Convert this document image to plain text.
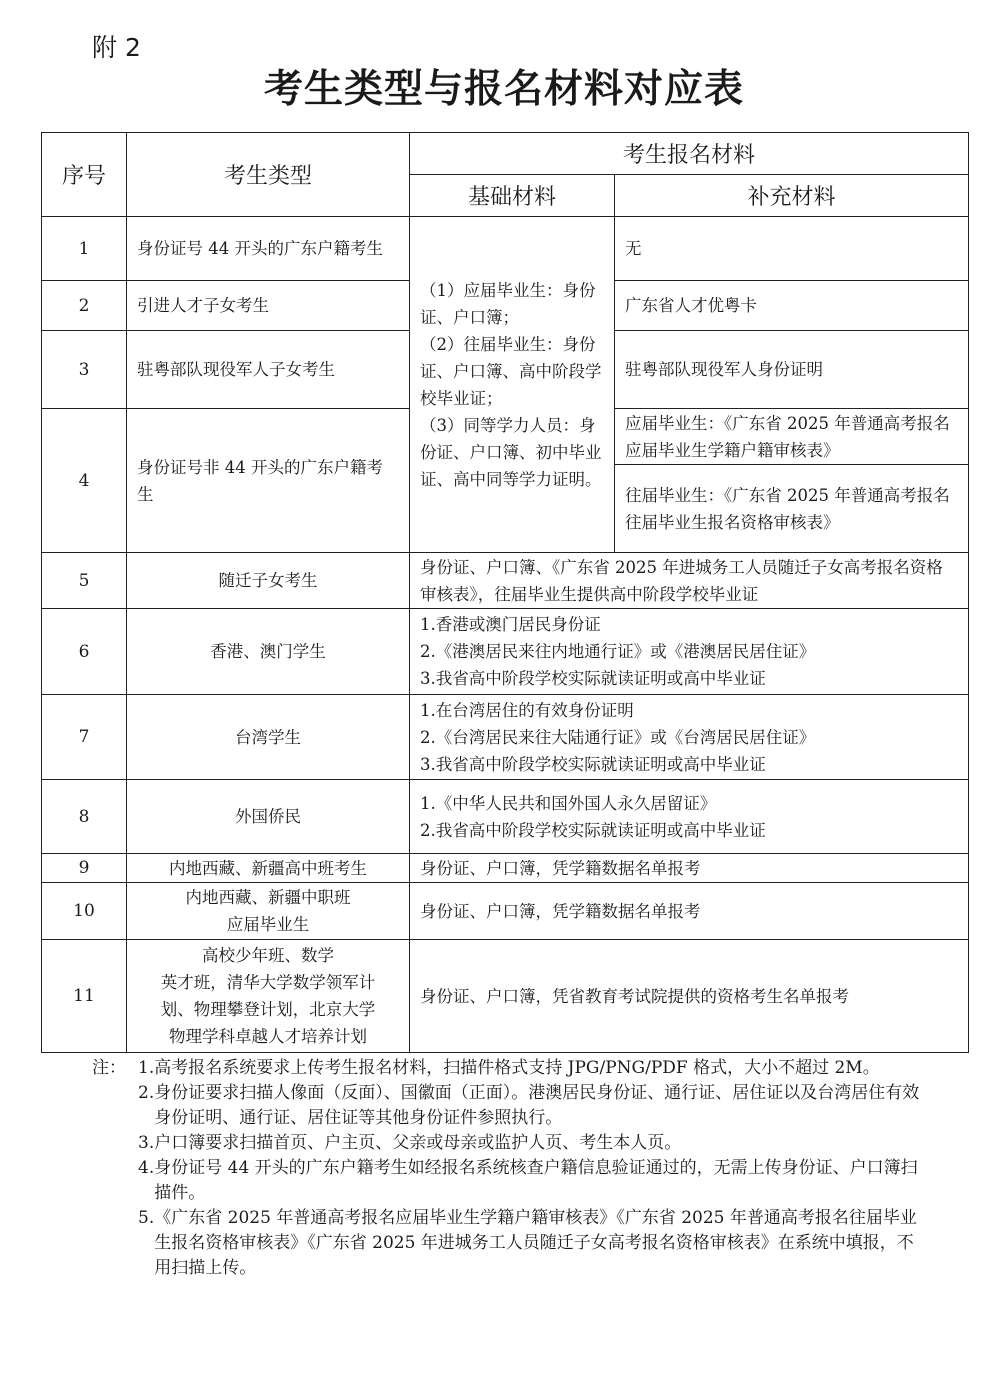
附 2
考生类型与报名材料对应表
序号	考生类型	考生报名材料	
		基础材料	补充材料
1	身份证号 44 开头的广东户籍考生	（1）应届毕业生：身份证、户口簿；
（2）往届毕业生：身份证、户口簿、高中阶段学校毕业证；
（3）同等学力人员：身份证、户口簿、初中毕业证、高中同等学力证明。	无
2	引进人才子女考生		广东省人才优粤卡
3	驻粤部队现役军人子女考生		驻粤部队现役军人身份证明
4	身份证号非 44 开头的广东户籍考生		应届毕业生：《广东省 2025 年普通高考报名应届毕业生学籍户籍审核表》
			往届毕业生：《广东省 2025 年普通高考报名往届毕业生报名资格审核表》
5	随迁子女考生	身份证、户口簿、《广东省 2025 年进城务工人员随迁子女高考报名资格审核表》，往届毕业生提供高中阶段学校毕业证	
6	香港、澳门学生	1.香港或澳门居民身份证
2.《港澳居民来往内地通行证》或《港澳居民居住证》
3.我省高中阶段学校实际就读证明或高中毕业证	

7	台湾学生	1.在台湾居住的有效身份证明
2.《台湾居民来往大陆通行证》或《台湾居民居住证》
3.我省高中阶段学校实际就读证明或高中毕业证	

8	外国侨民	1.《中华人民共和国外国人永久居留证》
2.我省高中阶段学校实际就读证明或高中毕业证	

9	内地西藏、新疆高中班考生	身份证、户口簿，凭学籍数据名单报考	
10	内地西藏、新疆中职班
应届毕业生	身份证、户口簿，凭学籍数据名单报考	
11	高校少年班、数学
英才班，清华大学数学领军计
划、物理攀登计划，北京大学
物理学科卓越人才培养计划	身份证、户口簿，凭省教育考试院提供的资格考生名单报考	
注： 1. 高考报名系统要求上传考生报名材料，扫描件格式支持 JPG/PNG/PDF 格式，大小不超过 2M。
2. 身份证要求扫描人像面（反面）、国徽面（正面）。港澳居民身份证、通行证、居住证以及台湾居住有效身份证明、通行证、居住证等其他身份证件参照执行。
3. 户口簿要求扫描首页、户主页、父亲或母亲或监护人页、考生本人页。
4. 身份证号 44 开头的广东户籍考生如经报名系统核查户籍信息验证通过的，无需上传身份证、户口簿扫描件。
5. 《广东省 2025 年普通高考报名应届毕业生学籍户籍审核表》《广东省 2025 年普通高考报名往届毕业生报名资格审核表》《广东省 2025 年进城务工人员随迁子女高考报名资格审核表》在系统中填报，不用扫描上传。
